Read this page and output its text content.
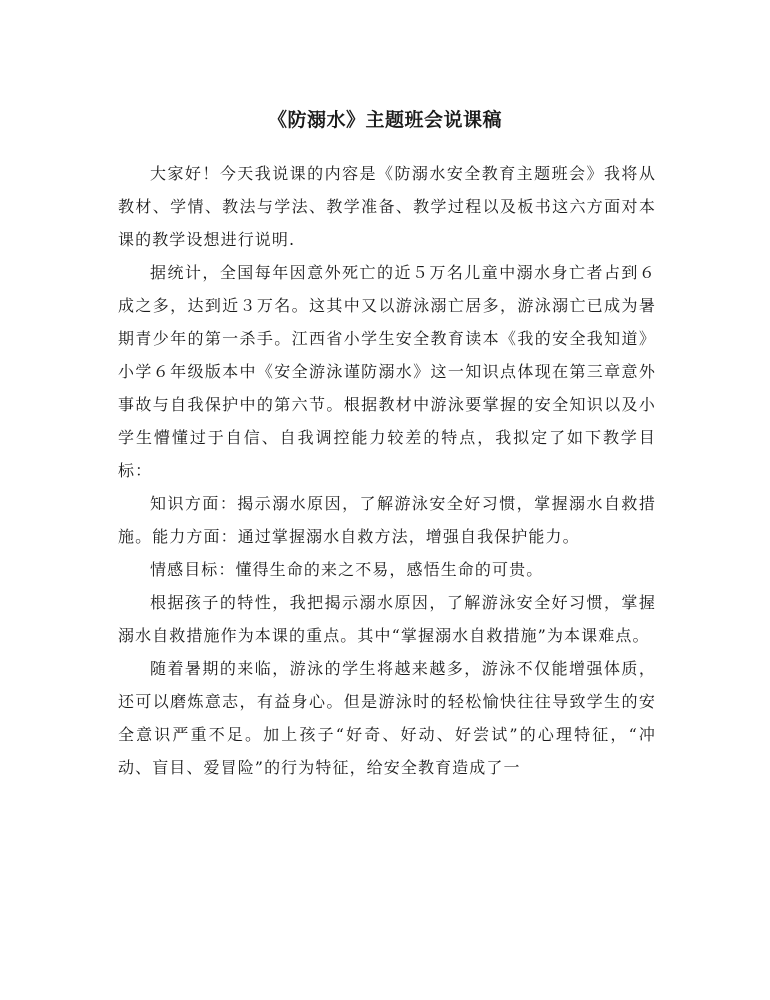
《防溺水》主题班会说课稿

大家好！今天我说课的内容是《防溺水安全教育主题班会》我将从教材、学情、教法与学法、教学准备、教学过程以及板书这六方面对本课的教学设想进行说明.

据统计，全国每年因意外死亡的近５万名儿童中溺水身亡者占到６成之多，达到近３万名。这其中又以游泳溺亡居多，游泳溺亡已成为暑期青少年的第一杀手。江西省小学生安全教育读本《我的安全我知道》小学６年级版本中《安全游泳谨防溺水》这一知识点体现在第三章意外事故与自我保护中的第六节。根据教材中游泳要掌握的安全知识以及小学生懵懂过于自信、自我调控能力较差的特点，我拟定了如下教学目标：

知识方面：揭示溺水原因，了解游泳安全好习惯，掌握溺水自救措施。能力方面：通过掌握溺水自救方法，增强自我保护能力。

情感目标：懂得生命的来之不易，感悟生命的可贵。

根据孩子的特性，我把揭示溺水原因，了解游泳安全好习惯，掌握溺水自救措施作为本课的重点。其中“掌握溺水自救措施”为本课难点。

随着暑期的来临，游泳的学生将越来越多，游泳不仅能增强体质，还可以磨炼意志，有益身心。但是游泳时的轻松愉快往往导致学生的安全意识严重不足。加上孩子“好奇、好动、好尝试”的心理特征，“冲动、盲目、爱冒险”的行为特征，给安全教育造成了一
